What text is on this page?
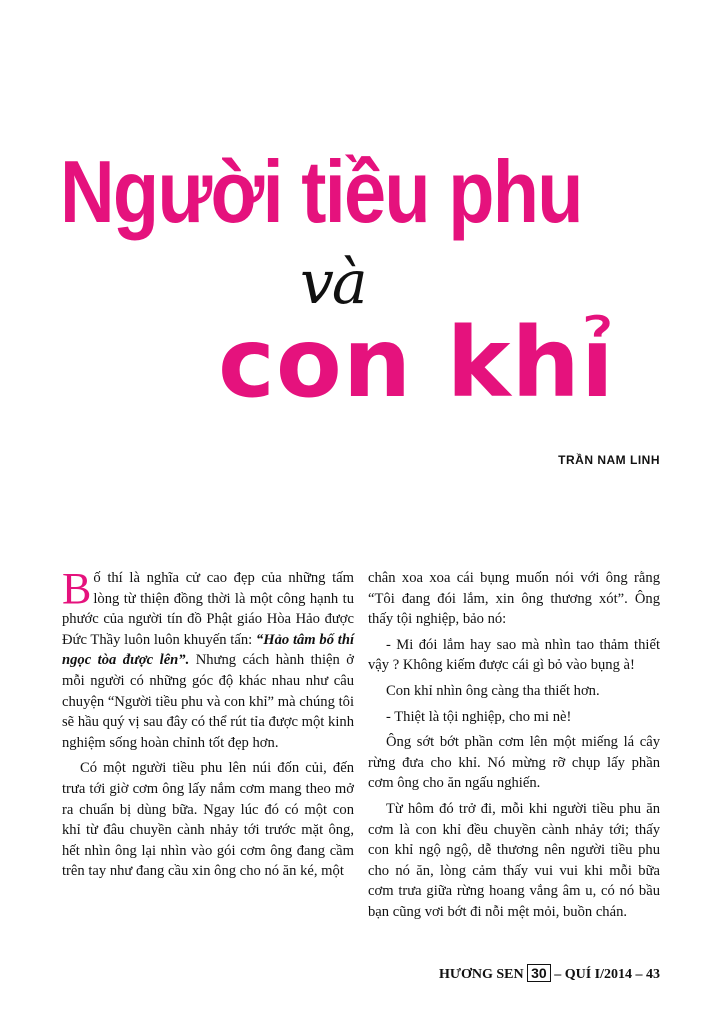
Người tiều phu
và
con khỉ
TRẦN NAM LINH

Bố thí là nghĩa cử cao đẹp của những tấm lòng từ thiện đồng thời là một công hạnh tu phước của người tín đồ Phật giáo Hòa Hảo được Đức Thầy luôn luôn khuyến tấn: “Hảo tâm bố thí ngọc tòa được lên”. Nhưng cách hành thiện ở mỗi người có những góc độ khác nhau như câu chuyện “Người tiều phu và con khỉ” mà chúng tôi sẽ hầu quý vị sau đây có thể rút tỉa được một kinh nghiệm sống hoàn chỉnh tốt đẹp hơn.

Có một người tiều phu lên núi đốn củi, đến trưa tới giờ cơm ông lấy nắm cơm mang theo mở ra chuẩn bị dùng bữa. Ngay lúc đó có một con khỉ từ đâu chuyền cành nhảy tới trước mặt ông, hết nhìn ông lại nhìn vào gói cơm ông đang cầm trên tay như đang cầu xin ông cho nó ăn ké, một

chân xoa xoa cái bụng muốn nói với ông rằng “Tôi đang đói lắm, xin ông thương xót”. Ông thấy tội nghiệp, bảo nó:

- Mi đói lắm hay sao mà nhìn tao thảm thiết vậy ? Không kiếm được cái gì bỏ vào bụng à!

Con khỉ nhìn ông càng tha thiết hơn.

- Thiệt là tội nghiệp, cho mi nè!

Ông sớt bớt phần cơm lên một miếng lá cây rừng đưa cho khỉ. Nó mừng rỡ chụp lấy phần cơm ông cho ăn ngấu nghiến.

Từ hôm đó trở đi, mỗi khi người tiều phu ăn cơm là con khỉ đều chuyền cành nhảy tới; thấy con khỉ ngộ ngộ, dễ thương nên người tiều phu cho nó ăn, lòng cảm thấy vui vui khi mỗi bữa cơm trưa giữa rừng hoang vắng âm u, có nó bầu bạn cũng vơi bớt đi nỗi mệt mỏi, buồn chán.

HƯƠNG SEN 30 – QUÍ I/2014 – 43
